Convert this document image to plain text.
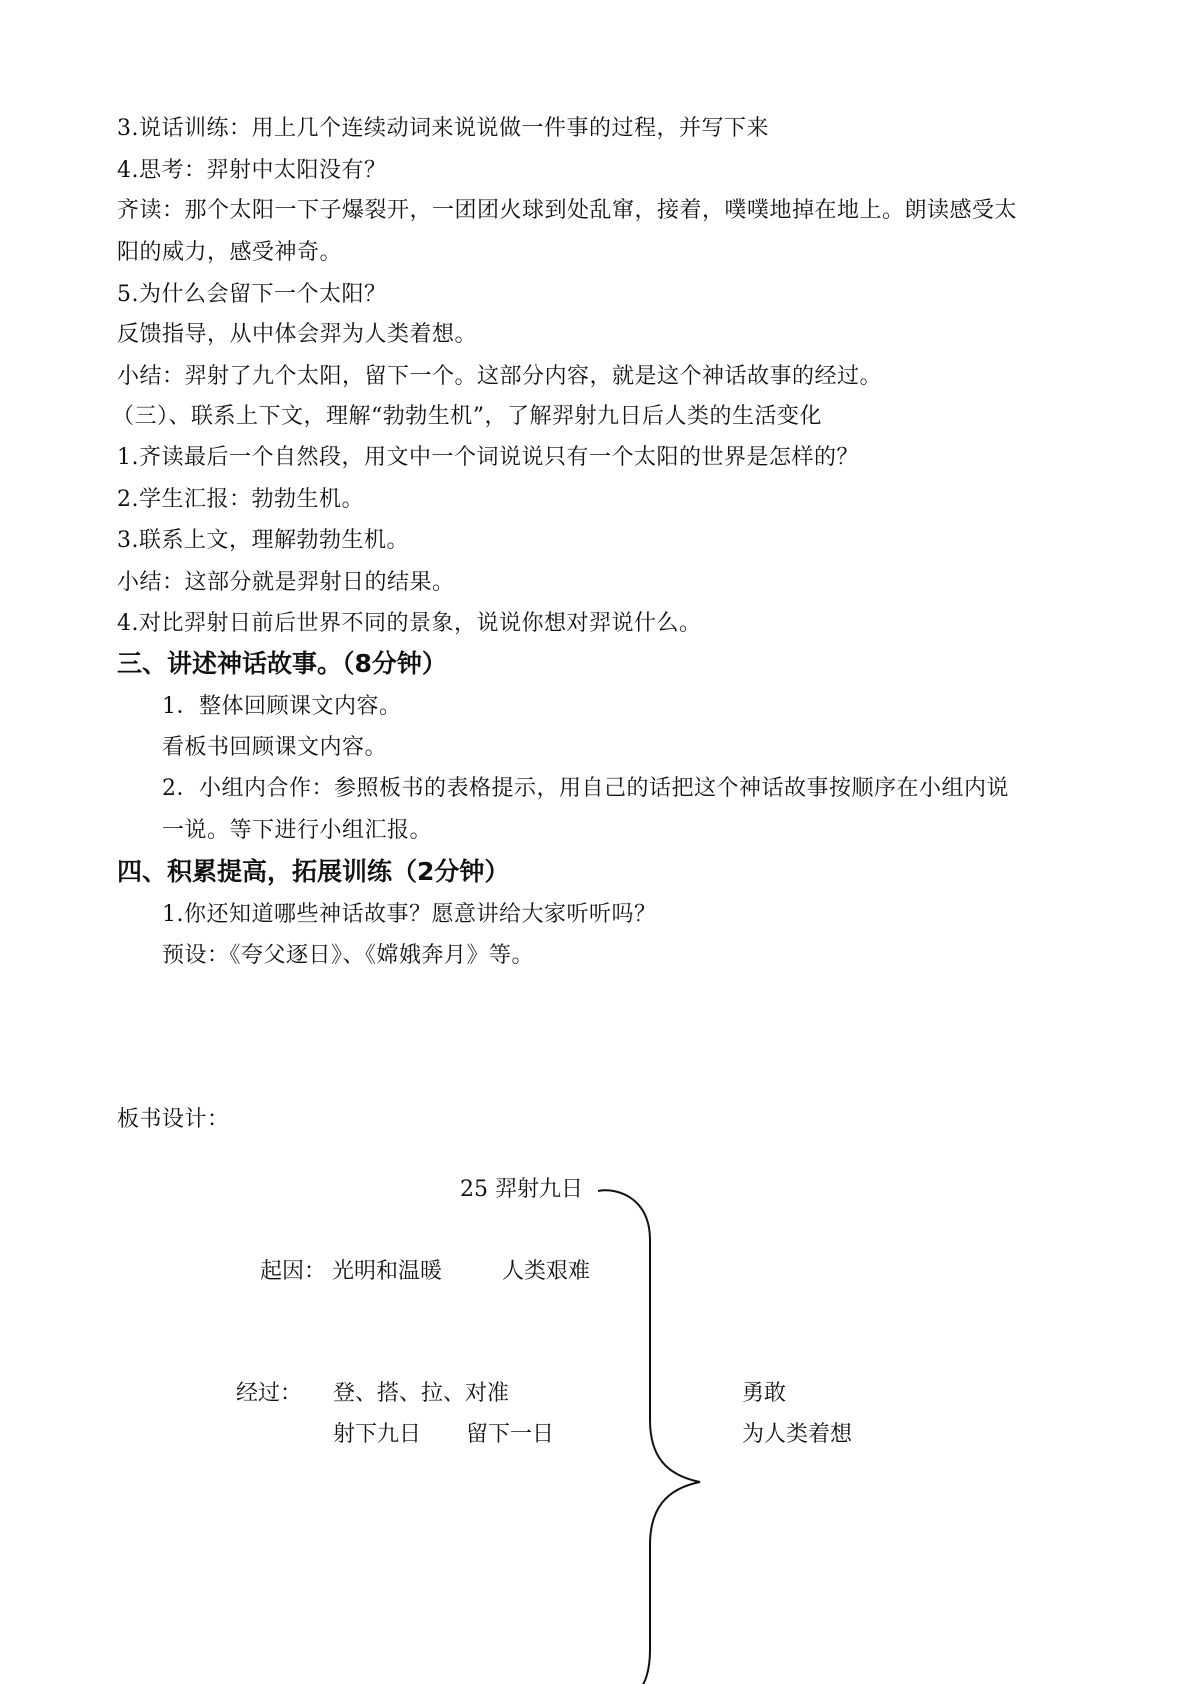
3.说话训练：用上几个连续动词来说说做一件事的过程，并写下来
4.思考：羿射中太阳没有？
齐读：那个太阳一下子爆裂开，一团团火球到处乱窜，接着，噗噗地掉在地上。朗读感受太
阳的威力，感受神奇。
5.为什么会留下一个太阳？
反馈指导，从中体会羿为人类着想。
小结：羿射了九个太阳，留下一个。这部分内容，就是这个神话故事的经过。
（三）、联系上下文，理解“勃勃生机”，了解羿射九日后人类的生活变化
1.齐读最后一个自然段，用文中一个词说说只有一个太阳的世界是怎样的？
2.学生汇报：勃勃生机。
3.联系上文，理解勃勃生机。
小结：这部分就是羿射日的结果。
4.对比羿射日前后世界不同的景象，说说你想对羿说什么。
三、讲述神话故事。（8分钟）
1．整体回顾课文内容。
看板书回顾课文内容。
2．小组内合作：参照板书的表格提示，用自己的话把这个神话故事按顺序在小组内说
一说。等下进行小组汇报。
四、积累提高，拓展训练（2分钟）
1.你还知道哪些神话故事？愿意讲给大家听听吗？
预设：《夸父逐日》、《嫦娥奔月》等。
板书设计：
25 羿射九日
起因： 光明和温暖	人类艰难
经过： 登、搭、拉、对准
射下九日 留下一日
勇敢
为人类着想
